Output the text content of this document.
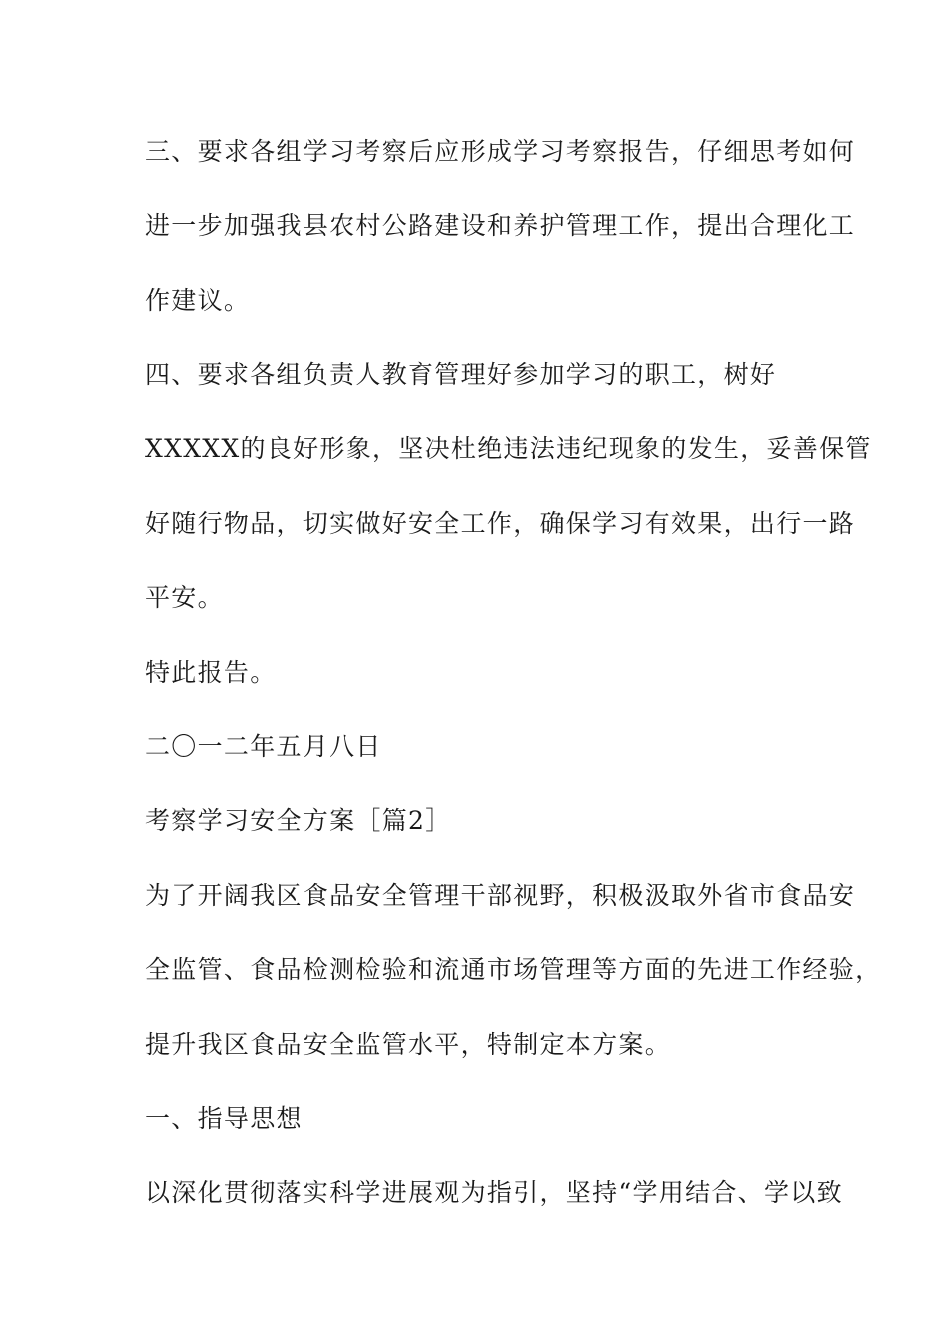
三、要求各组学习考察后应形成学习考察报告，仔细思考如何
进一步加强我县农村公路建设和养护管理工作，提出合理化工
作建议。
四、要求各组负责人教育管理好参加学习的职工，树好
XXXXX的良好形象，坚决杜绝违法违纪现象的发生，妥善保管
好随行物品，切实做好安全工作，确保学习有效果，出行一路
平安。
特此报告。
二〇一二年五月八日
考察学习安全方案［篇2］
为了开阔我区食品安全管理干部视野，积极汲取外省市食品安
全监管、食品检测检验和流通市场管理等方面的先进工作经验，
提升我区食品安全监管水平，特制定本方案。
一、指导思想
以深化贯彻落实科学进展观为指引，坚持“学用结合、学以致
